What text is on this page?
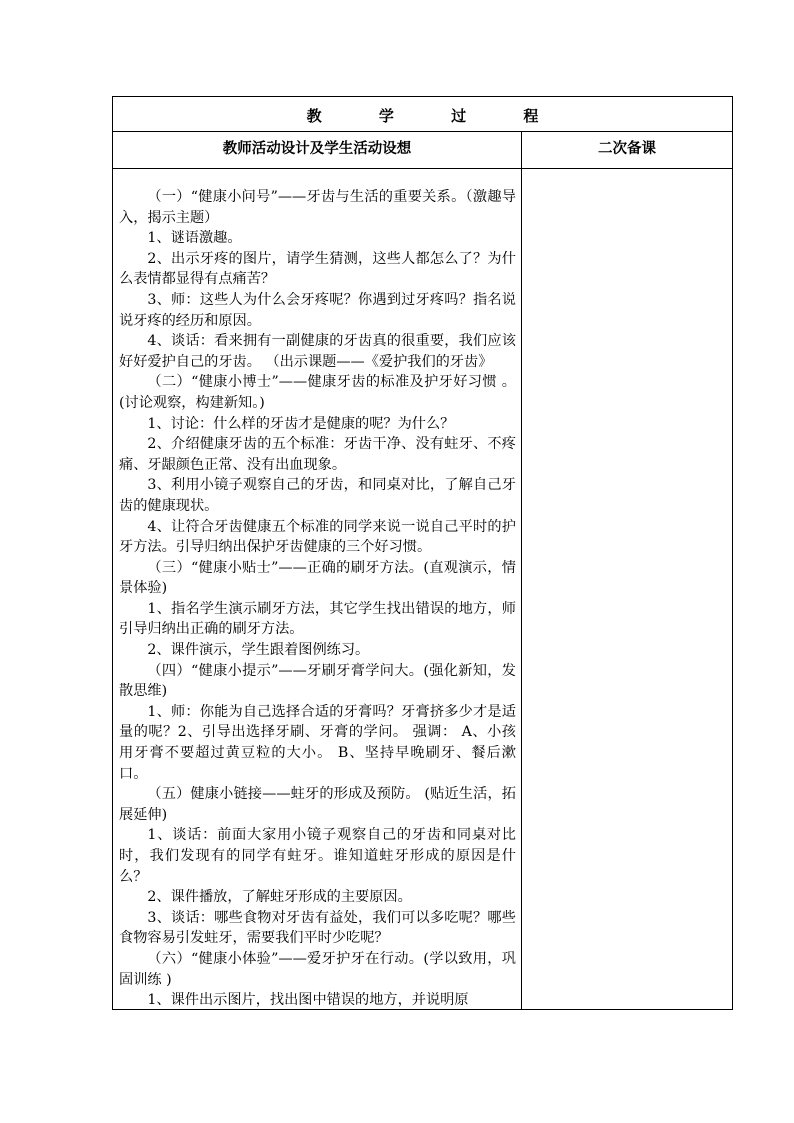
教 学 过 程
教师活动设计及学生活动设想	二次备课

（一）“健康小问号”——牙齿与生活的重要关系。（激趣导入，揭示主题）

1、谜语激趣。

2、出示牙疼的图片，请学生猜测，这些人都怎么了？为什么表情都显得有点痛苦？

3、师：这些人为什么会牙疼呢？你遇到过牙疼吗？指名说说牙疼的经历和原因。

4、谈话：看来拥有一副健康的牙齿真的很重要，我们应该好好爱护自己的牙齿。 （出示课题——《爱护我们的牙齿》

（二）“健康小博士”——健康牙齿的标准及护牙好习惯 。(讨论观察，构建新知。)

1、讨论：什么样的牙齿才是健康的呢？为什么？

2、介绍健康牙齿的五个标准：牙齿干净、没有蛀牙、不疼痛、牙龈颜色正常、没有出血现象。

3、利用小镜子观察自己的牙齿，和同桌对比，了解自己牙齿的健康现状。

4、让符合牙齿健康五个标准的同学来说一说自己平时的护牙方法。引导归纳出保护牙齿健康的三个好习惯。

（三）“健康小贴士”——正确的刷牙方法。(直观演示，情景体验)

1、指名学生演示刷牙方法，其它学生找出错误的地方，师引导归纳出正确的刷牙方法。

2、课件演示，学生跟着图例练习。

（四）“健康小提示”——牙刷牙膏学问大。(强化新知，发散思维)

1、师：你能为自己选择合适的牙膏吗？牙膏挤多少才是适量的呢？2、引导出选择牙刷、牙膏的学问。 强调： A、小孩用牙膏不要超过黄豆粒的大小。 B、坚持早晚刷牙、餐后漱口。

（五）健康小链接——蛀牙的形成及预防。 (贴近生活，拓展延伸)

1、谈话：前面大家用小镜子观察自己的牙齿和同桌对比时，我们发现有的同学有蛀牙。谁知道蛀牙形成的原因是什么？

2、课件播放，了解蛀牙形成的主要原因。

3、谈话：哪些食物对牙齿有益处，我们可以多吃呢？哪些食物容易引发蛀牙，需要我们平时少吃呢？

（六）“健康小体验”——爱牙护牙在行动。(学以致用，巩固训练 )

1、课件出示图片，找出图中错误的地方，并说明原
